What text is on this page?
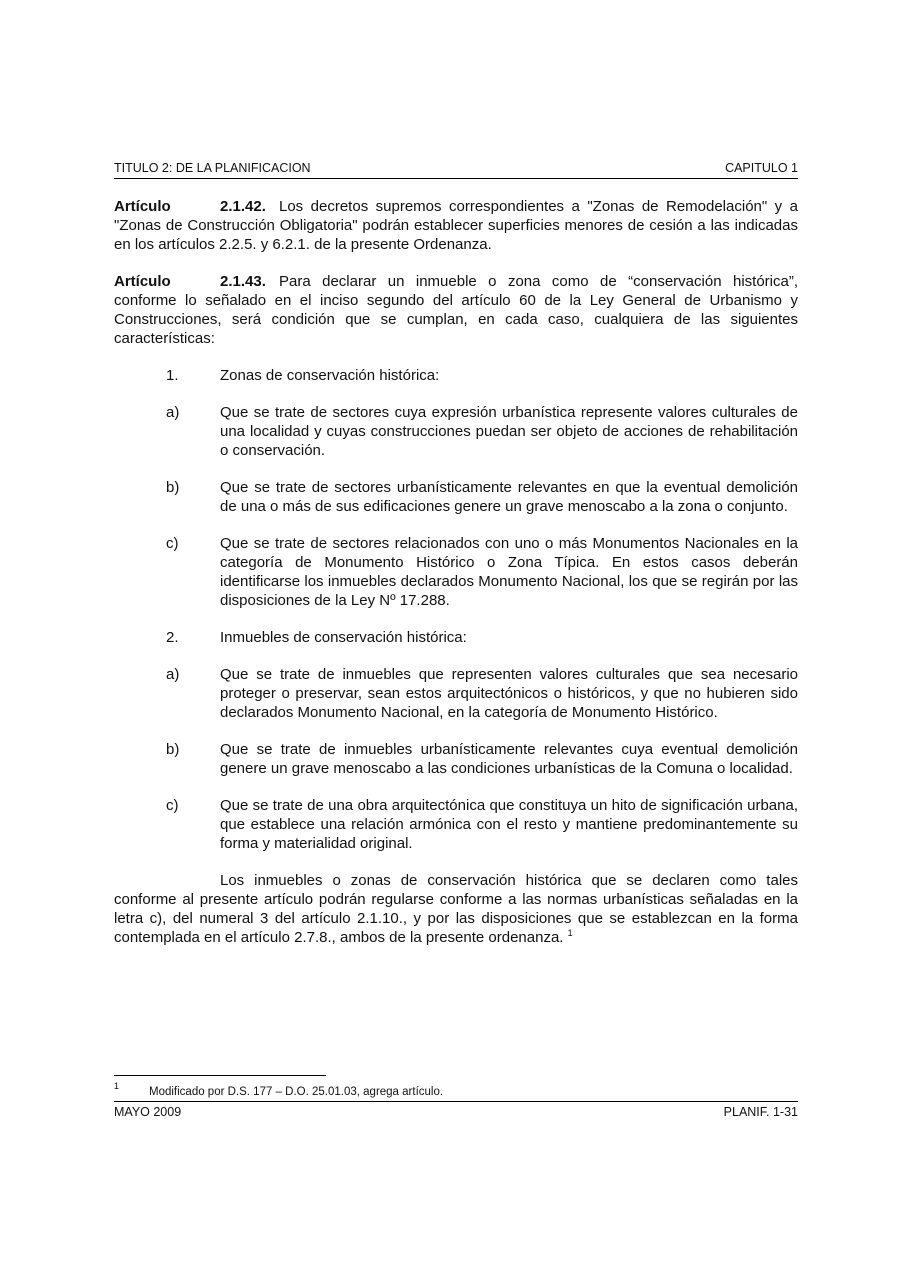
TITULO 2: DE LA PLANIFICACION	CAPITULO 1

Artículo	2.1.42. Los decretos supremos correspondientes a "Zonas de Remodelación" y a "Zonas de Construcción Obligatoria" podrán establecer superficies menores de cesión a las indicadas en los artículos 2.2.5. y 6.2.1. de la presente Ordenanza.

Artículo	2.1.43. Para declarar un inmueble o zona como de “conservación histórica”, conforme lo señalado en el inciso segundo del artículo 60 de la Ley General de Urbanismo y Construcciones, será condición que se cumplan, en cada caso, cualquiera de las siguientes características:

1.	Zonas de conservación histórica:
a)	Que se trate de sectores cuya expresión urbanística represente valores culturales de una localidad y cuyas construcciones puedan ser objeto de acciones de rehabilitación o conservación.
b)	Que se trate de sectores urbanísticamente relevantes en que la eventual demolición de una o más de sus edificaciones genere un grave menoscabo a la zona o conjunto.
c)	Que se trate de sectores relacionados con uno o más Monumentos Nacionales en la categoría de Monumento Histórico o Zona Típica. En estos casos deberán identificarse los inmuebles declarados Monumento Nacional, los que se regirán por las disposiciones de la Ley Nº 17.288.
2.	Inmuebles de conservación histórica:
a)	Que se trate de inmuebles que representen valores culturales que sea necesario proteger o preservar, sean estos arquitectónicos o históricos, y que no hubieren sido declarados Monumento Nacional, en la categoría de Monumento Histórico.
b)	Que se trate de inmuebles urbanísticamente relevantes cuya eventual demolición genere un grave menoscabo a las condiciones urbanísticas de la Comuna o localidad.
c)	Que se trate de una obra arquitectónica que constituya un hito de significación urbana, que establece una relación armónica con el resto y mantiene predominantemente su forma y materialidad original.

Los inmuebles o zonas de conservación histórica que se declaren como tales conforme al presente artículo podrán regularse conforme a las normas urbanísticas señaladas en la letra c), del numeral 3 del artículo 2.1.10., y por las disposiciones que se establezcan en la forma contemplada en el artículo 2.7.8., ambos de la presente ordenanza. $^1$

1	Modificado por D.S. 177 – D.O. 25.01.03, agrega artículo.
MAYO 2009	PLANIF. 1-31
